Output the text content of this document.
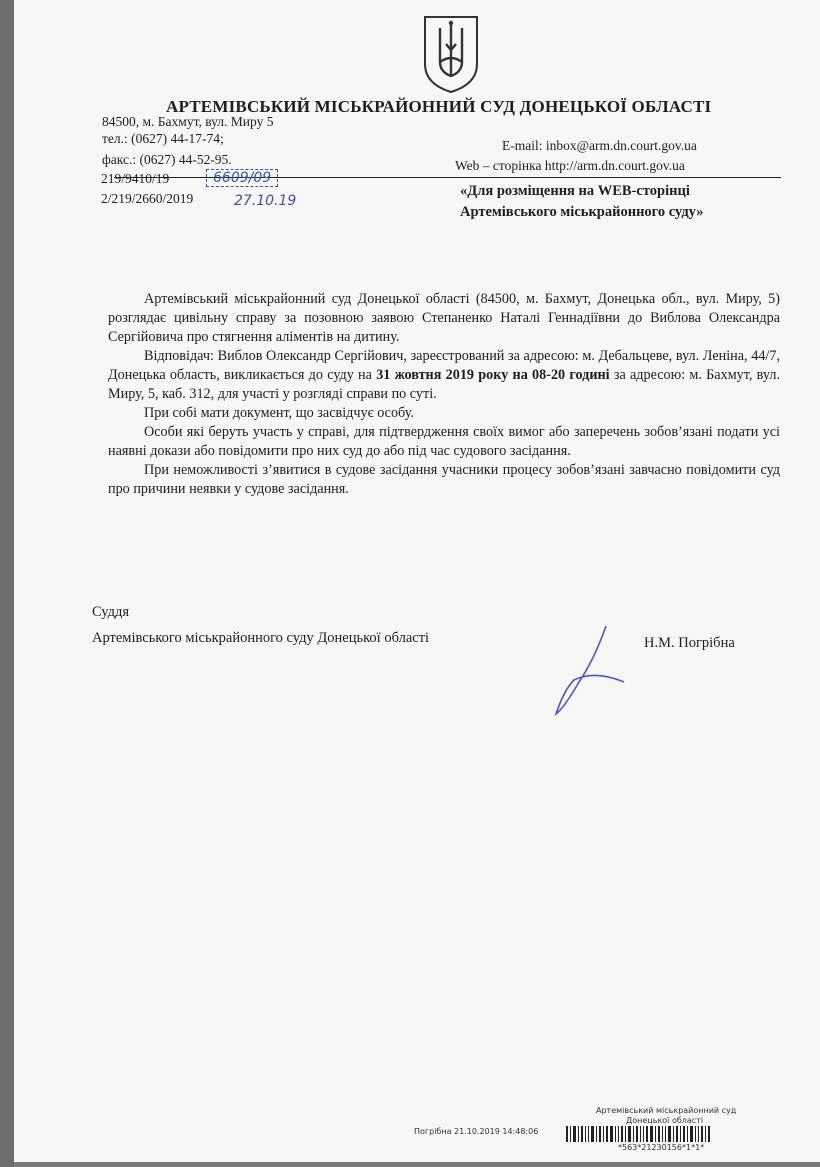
АРТЕМІВСЬКИЙ МІСЬКРАЙОННИЙ СУД ДОНЕЦЬКОЇ ОБЛАСТІ
84500, м. Бахмут, вул. Миру 5
тел.: (0627) 44-17-74;
факс.: (0627) 44-52-95.
E-mail: inbox@arm.dn.court.gov.ua
Web – сторінка http://arm.dn.court.gov.ua
219/9410/19
2/219/2660/2019
6609/09
27.10.19
«Для розміщення на WEB-сторінці Артемівського міськрайонного суду»

Артемівський міськрайонний суд Донецької області (84500, м. Бахмут, Донецька обл., вул. Миру, 5) розглядає цивільну справу за позовною заявою Степаненко Наталі Геннадіївни до Виблова Олександра Сергійовича про стягнення аліментів на дитину.

Відповідач: Виблов Олександр Сергійович, зареєстрований за адресою: м. Дебальцеве, вул. Леніна, 44/7, Донецька область, викликається до суду на 31 жовтня 2019 року на 08-20 годині за адресою: м. Бахмут, вул. Миру, 5, каб. 312, для участі у розгляді справи по суті.

При собі мати документ, що засвідчує особу.

Особи які беруть участь у справі, для підтвердження своїх вимог або заперечень зобов’язані подати усі наявні докази або повідомити про них суд до або під час судового засідання.

При неможливості з’явитися в судове засідання учасники процесу зобов’язані завчасно повідомити суд про причини неявки у судове засідання.

Суддя
Артемівського міськрайонного суду Донецької області	Н.М. Погрібна
Артемівський міськрайонний суд
Донецької області
Погрібна 21.10.2019 14:48:06
*563*21230156*1*1*
